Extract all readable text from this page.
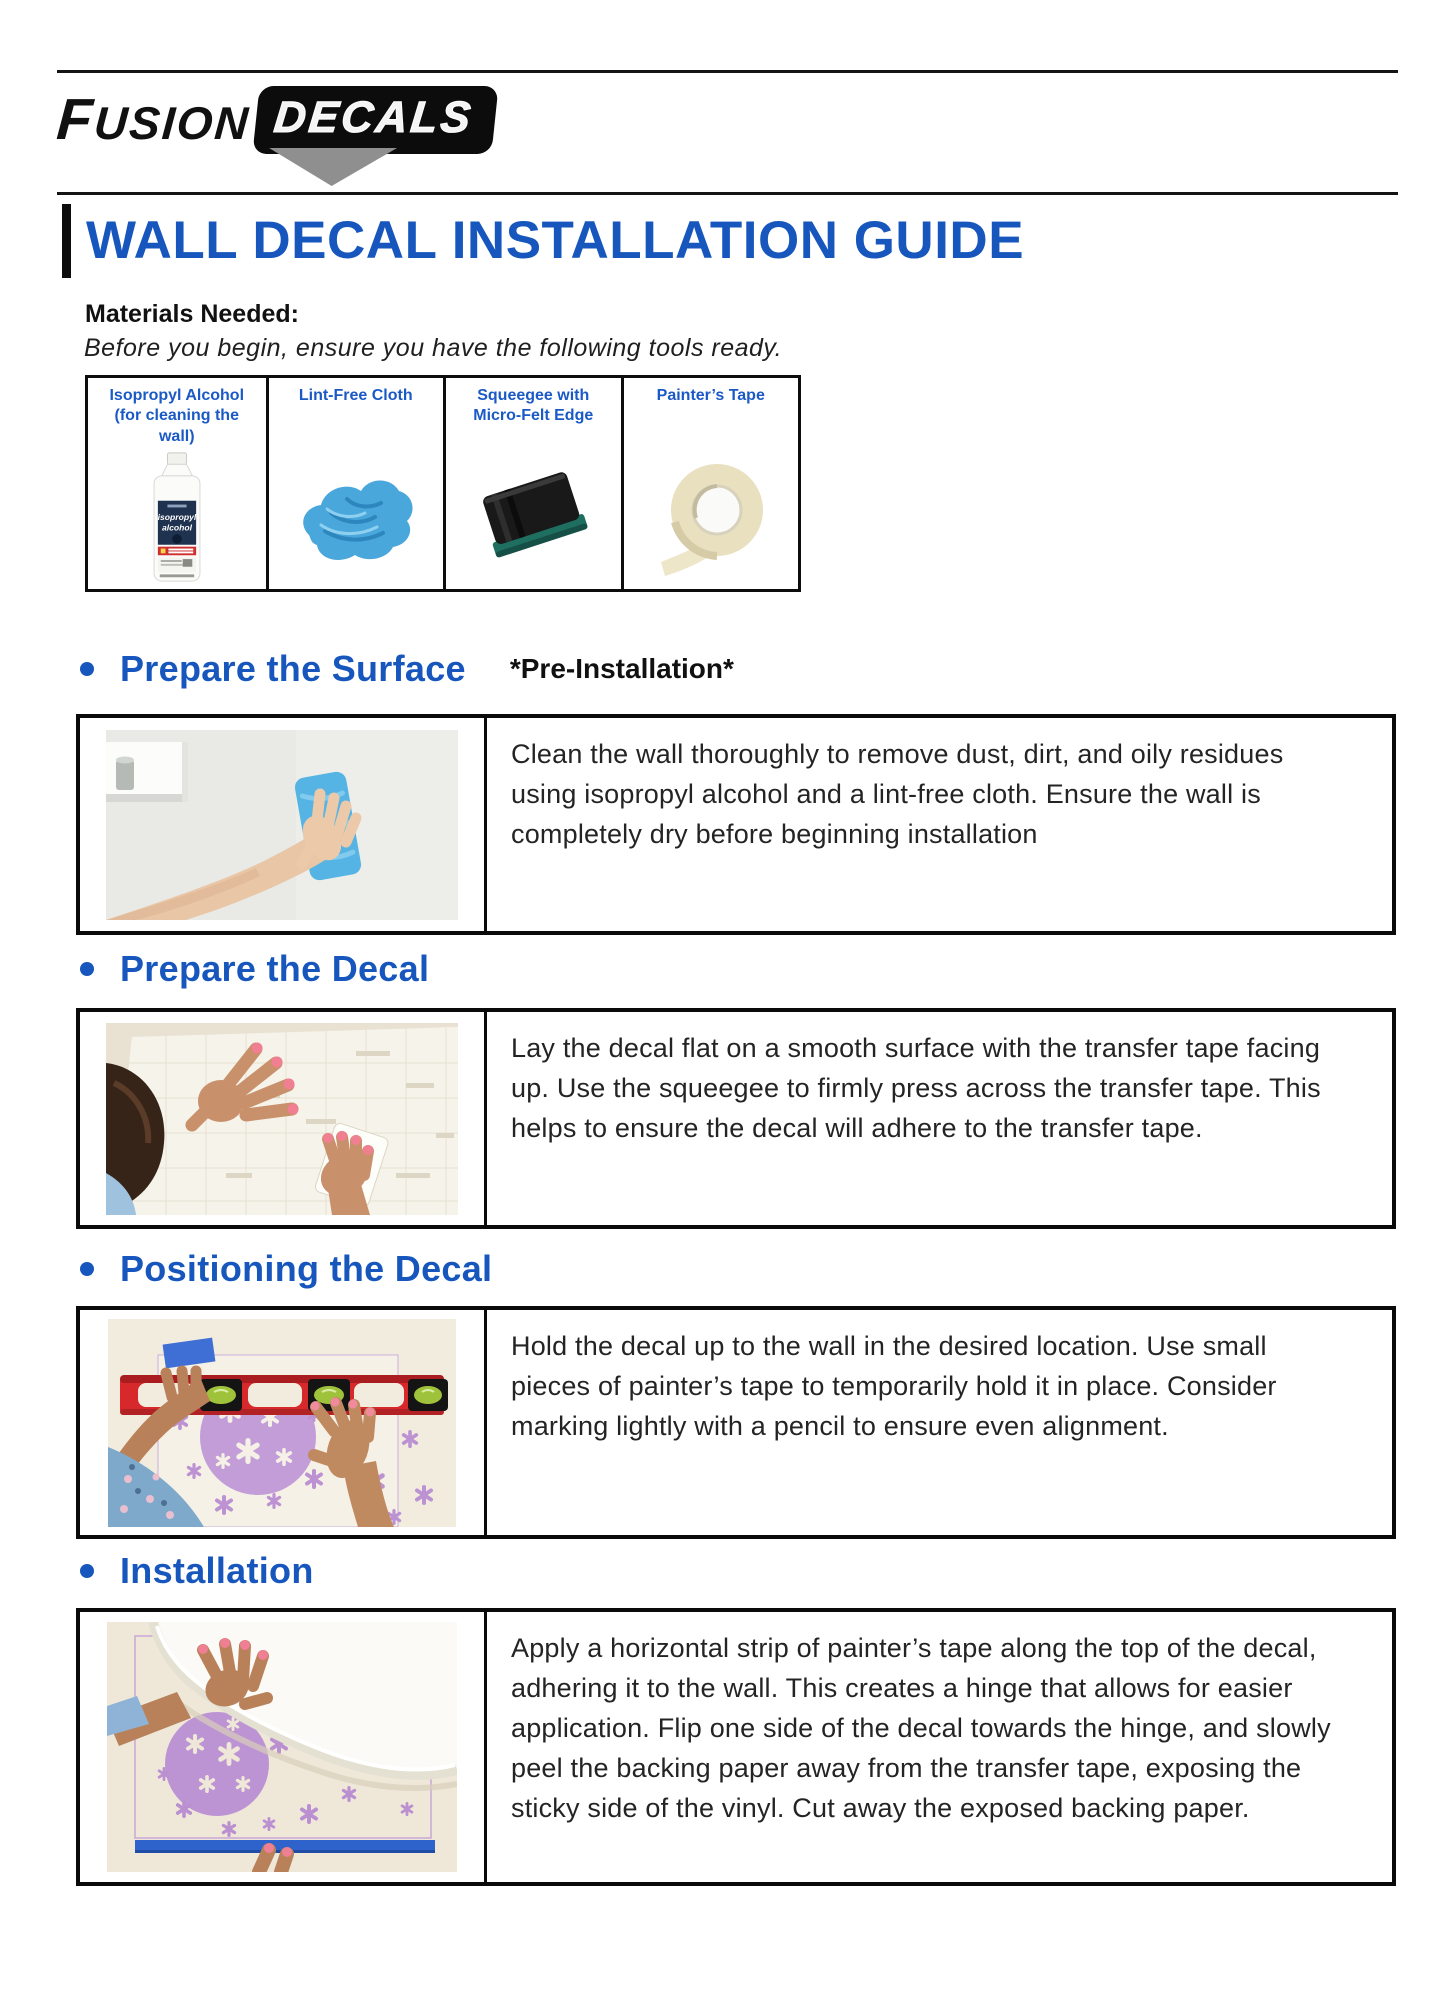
FUSION DECALS
WALL DECAL INSTALLATION GUIDE
Materials Needed:
Before you begin, ensure you have the following tools ready.
Isopropyl Alcohol (for cleaning the wall)
isopropyl
alcohol
Lint-Free Cloth	Squeegee with Micro-Felt Edge
Painter’s Tape
Prepare the Surface *Pre-Installation*

Clean the wall thoroughly to remove dust, dirt, and oily residues using isopropyl alcohol and a lint-free cloth. Ensure the wall is completely dry before beginning installation

Prepare the Decal

Lay the decal flat on a smooth surface with the transfer tape facing up. Use the squeegee to firmly press across the transfer tape. This helps to ensure the decal will adhere to the transfer tape.

Positioning the Decal

Hold the decal up to the wall in the desired location. Use small pieces of painter’s tape to temporarily hold it in place. Consider marking lightly with a pencil to ensure even alignment.

Installation

Apply a horizontal strip of painter’s tape along the top of the decal, adhering it to the wall. This creates a hinge that allows for easier application. Flip one side of the decal towards the hinge, and slowly peel the backing paper away from the transfer tape, exposing the sticky side of the vinyl. Cut away the exposed backing paper.
